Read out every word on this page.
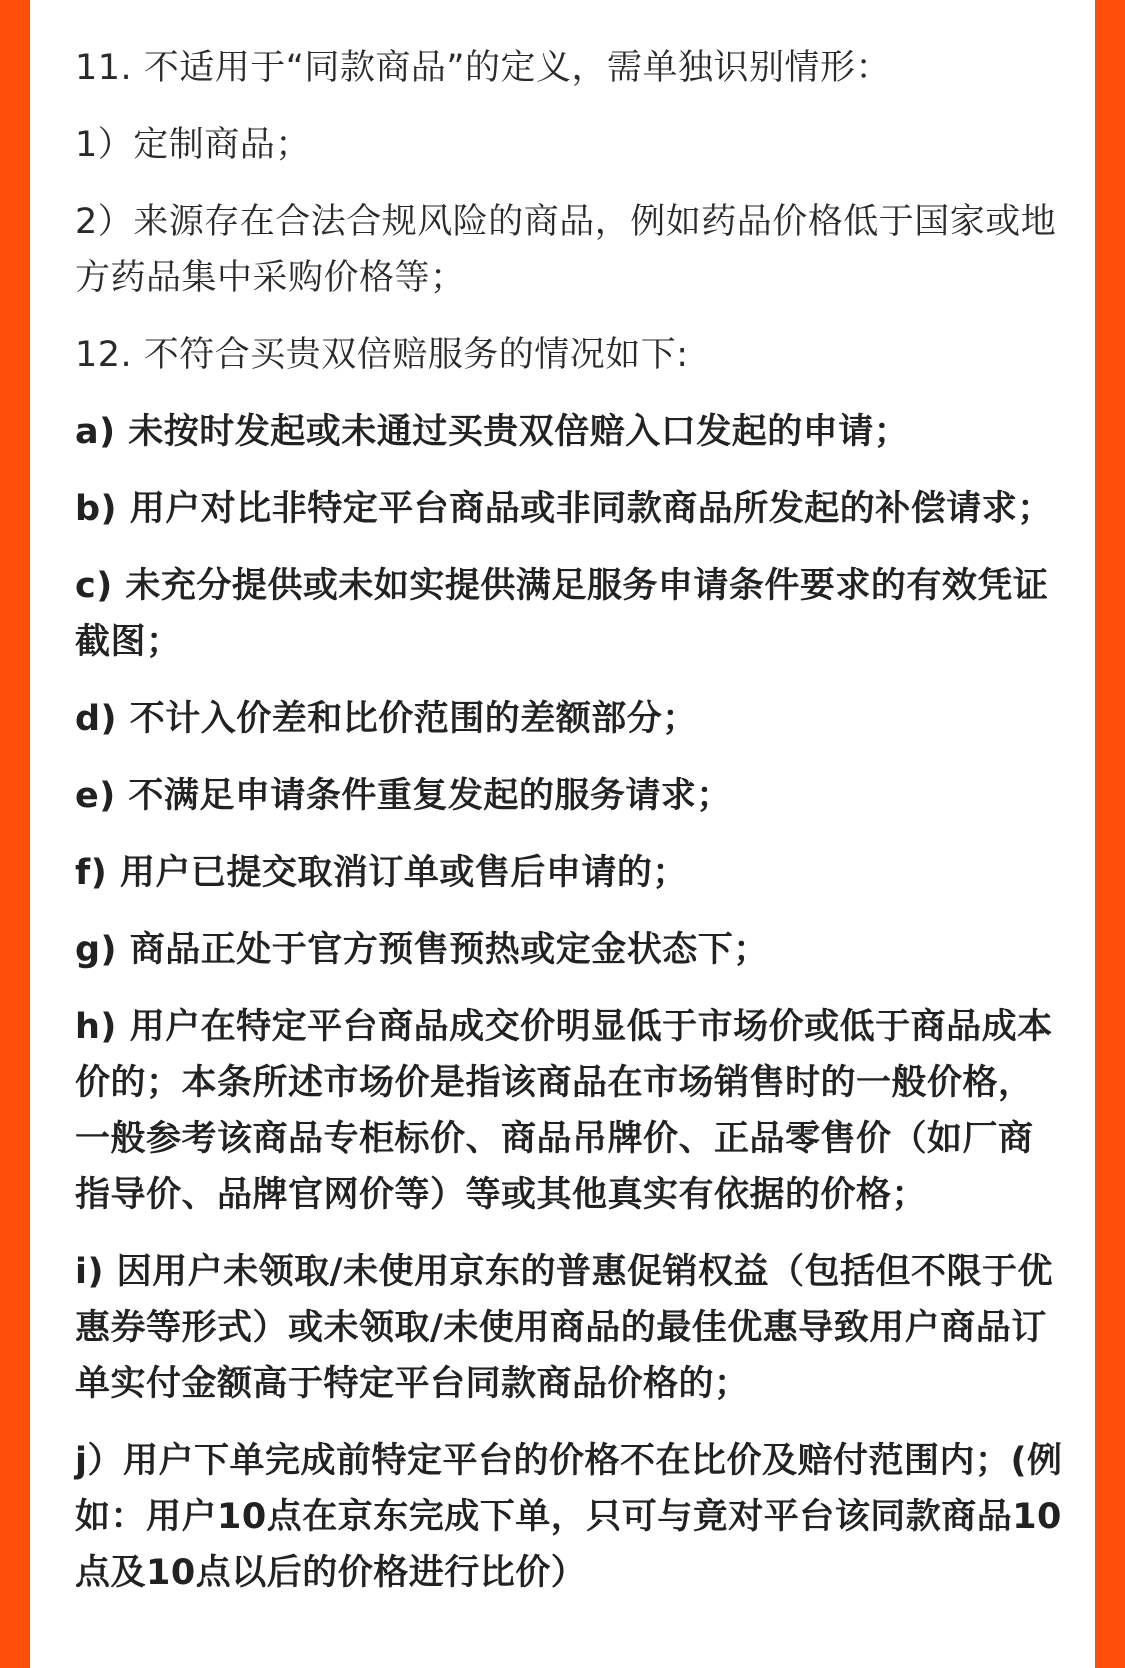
11. 不适用于“同款商品”的定义，需单独识别情形：

1）定制商品；

2）来源存在合法合规风险的商品，例如药品价格低于国家或地方药品集中采购价格等；

12. 不符合买贵双倍赔服务的情况如下:

a) 未按时发起或未通过买贵双倍赔入口发起的申请；

b) 用户对比非特定平台商品或非同款商品所发起的补偿请求；

c) 未充分提供或未如实提供满足服务申请条件要求的有效凭证截图；

d) 不计入价差和比价范围的差额部分；

e) 不满足申请条件重复发起的服务请求；

f) 用户已提交取消订单或售后申请的；

g) 商品正处于官方预售预热或定金状态下；

h) 用户在特定平台商品成交价明显低于市场价或低于商品成本价的；本条所述市场价是指该商品在市场销售时的一般价格，一般参考该商品专柜标价、商品吊牌价、正品零售价（如厂商指导价、品牌官网价等）等或其他真实有依据的价格；

i) 因用户未领取/未使用京东的普惠促销权益（包括但不限于优惠券等形式）或未领取/未使用商品的最佳优惠导致用户商品订单实付金额高于特定平台同款商品价格的；

j）用户下单完成前特定平台的价格不在比价及赔付范围内；(例如：用户10点在京东完成下单，只可与竟对平台该同款商品10点及10点以后的价格进行比价）
